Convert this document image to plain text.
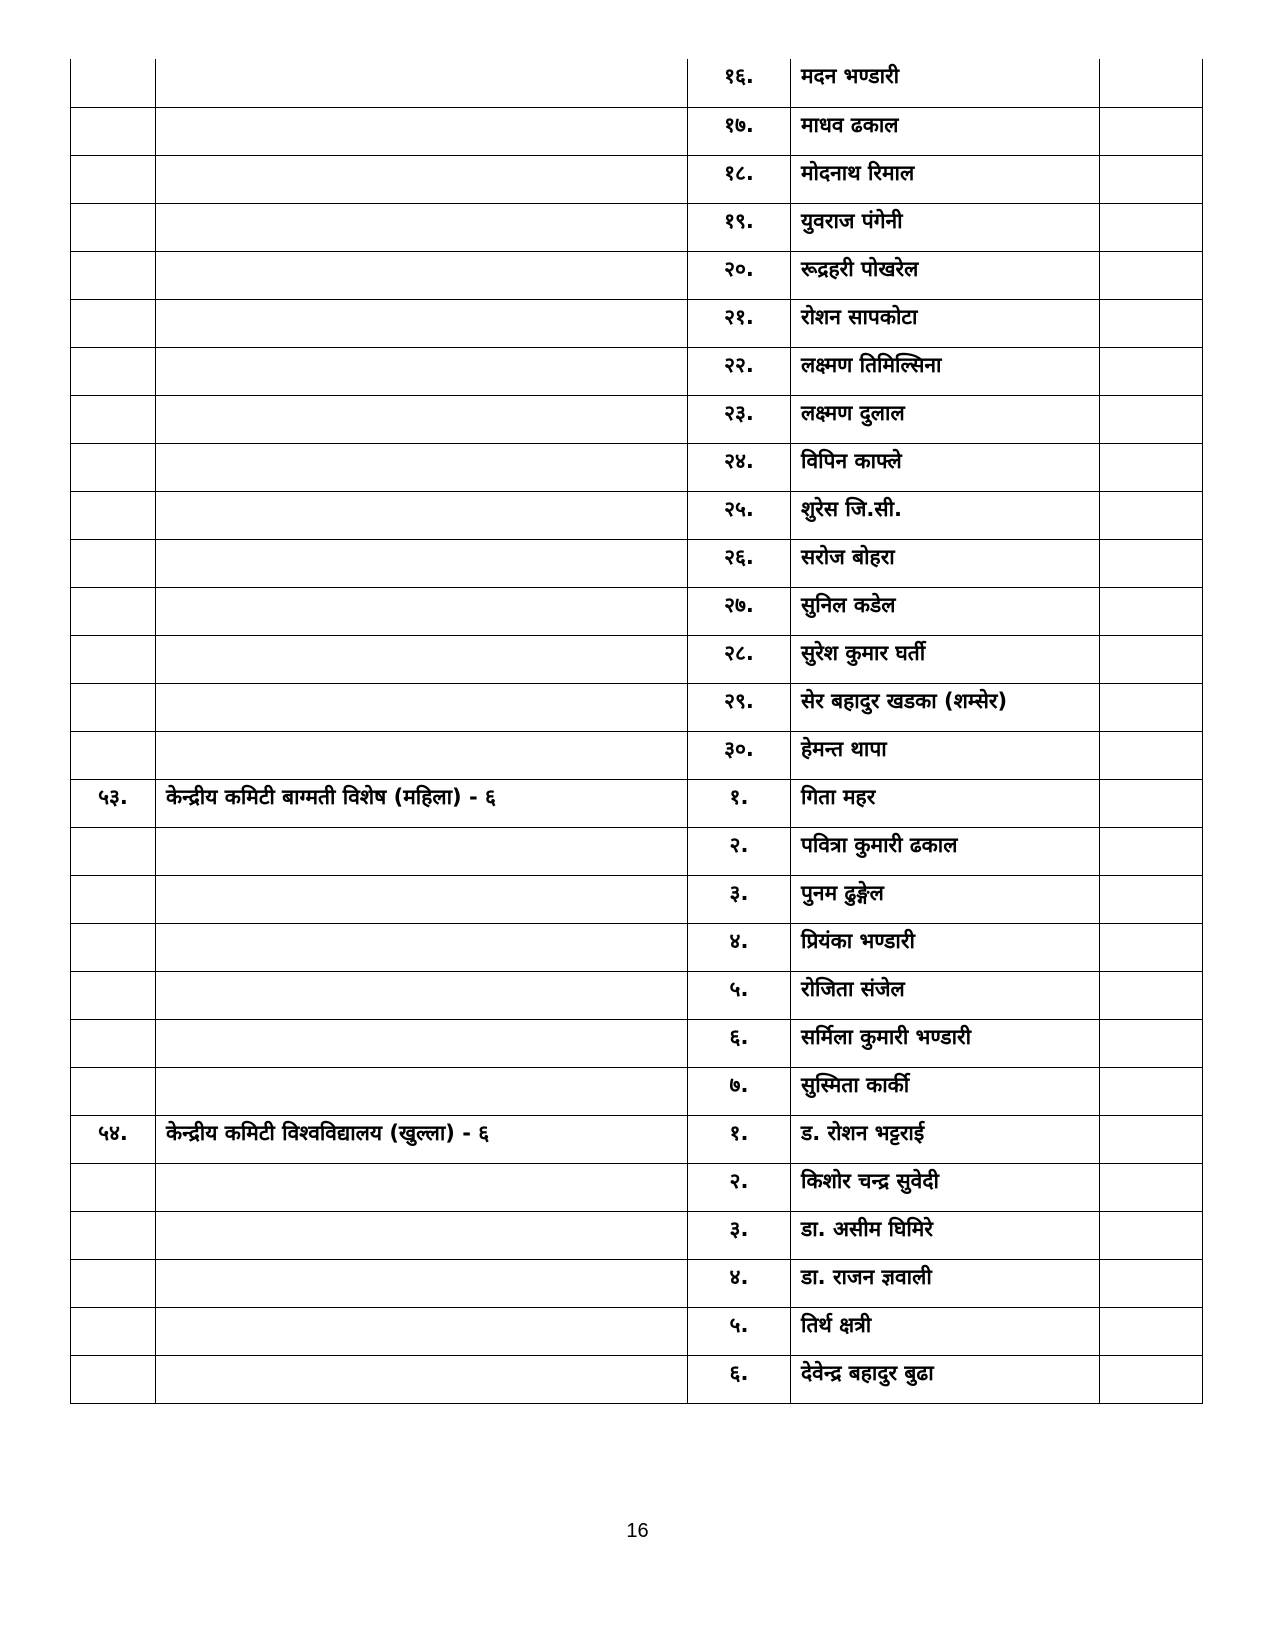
		१६.	मदन भण्डारी	
		१७.	माधव ढकाल	
		१८.	मोदनाथ रिमाल	
		१९.	युवराज पंगेनी	
		२०.	रूद्रहरी पोखरेल	
		२१.	रोशन सापकोटा	
		२२.	लक्ष्मण तिमिल्सिना	
		२३.	लक्ष्मण दुलाल	
		२४.	विपिन काफ्ले	
		२५.	शुरेस जि.सी.	
		२६.	सरोज बोहरा	
		२७.	सुनिल कडेल	
		२८.	सुरेश कुमार घर्ती	
		२९.	सेर बहादुर खडका (शम्सेर)	
		३०.	हेमन्त थापा	
५३.	केन्द्रीय कमिटी बाग्मती विशेष (महिला) - ६	१.	गिता महर	
		२.	पवित्रा कुमारी ढकाल	
		३.	पुनम ढुङ्गेल	
		४.	प्रियंका भण्डारी	
		५.	रोजिता संजेल	
		६.	सर्मिला कुमारी भण्डारी	
		७.	सुस्मिता कार्की	
५४.	केन्द्रीय कमिटी विश्वविद्यालय (खुल्ला) - ६	१.	ड. रोशन भट्टराई	
		२.	किशोर चन्द्र सुवेदी	
		३.	डा. असीम घिमिरे	
		४.	डा. राजन ज्ञवाली	
		५.	तिर्थ क्षत्री	
		६.	देवेन्द्र बहादुर बुढा	
16
